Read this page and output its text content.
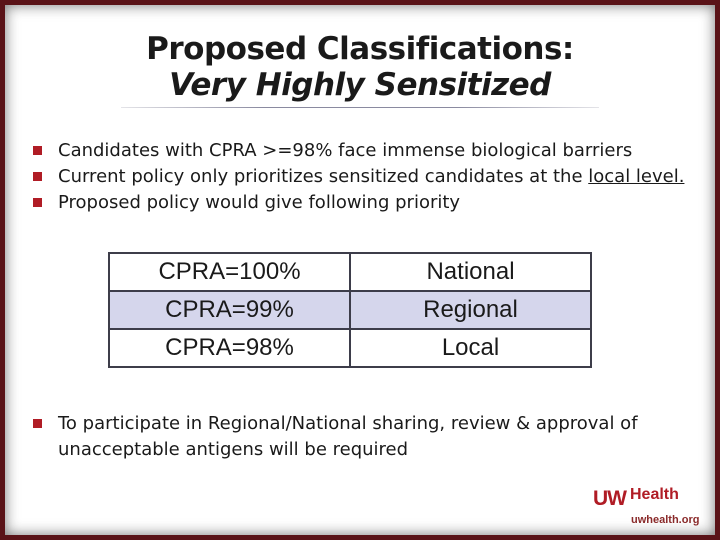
Proposed Classifications:
Very Highly Sensitized
Candidates with CPRA >=98% face immense biological barriers
Current policy only prioritizes sensitized candidates at the local level.
Proposed policy would give following priority
CPRA=100%	National
CPRA=99%	Regional
CPRA=98%	Local
To participate in Regional/National sharing, review & approval of unacceptable antigens will be required
UW Health
uwhealth.org
